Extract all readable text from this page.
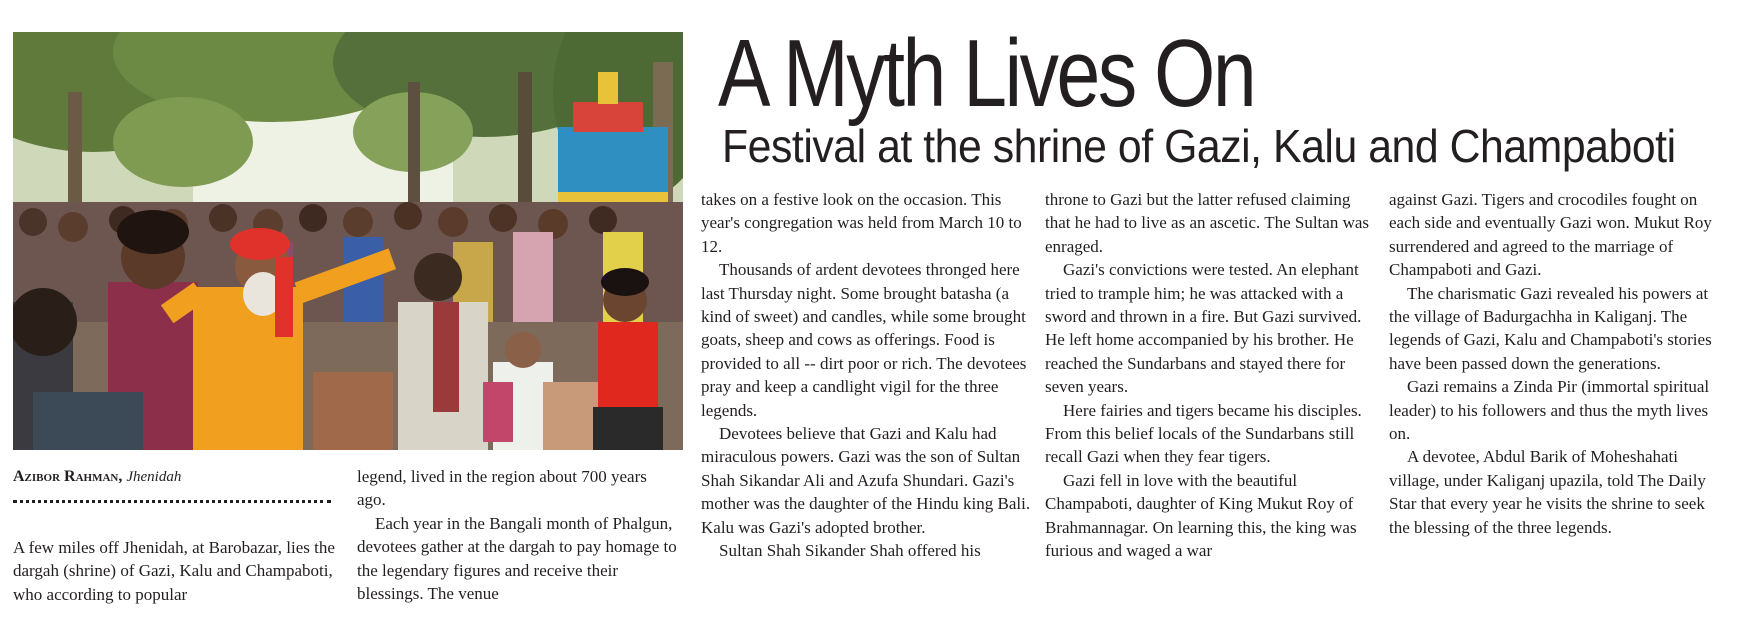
A Myth Lives On
Festival at the shrine of Gazi, Kalu and Champaboti
Azibor Rahman, Jhenidah

A few miles off Jhenidah, at Barobazar, lies the dargah (shrine) of Gazi, Kalu and Champaboti, who according to popular

legend, lived in the region about 700 years ago.

Each year in the Bangali month of Phalgun, devotees gather at the dargah to pay homage to the legendary figures and receive their blessings. The venue

takes on a festive look on the occasion. This year's congregation was held from March 10 to 12.

Thousands of ardent devotees thronged here last Thursday night. Some brought batasha (a kind of sweet) and candles, while some brought goats, sheep and cows as offerings. Food is provided to all -- dirt poor or rich. The devotees pray and keep a candlight vigil for the three legends.

Devotees believe that Gazi and Kalu had miraculous powers. Gazi was the son of Sultan Shah Sikandar Ali and Azufa Shundari. Gazi's mother was the daughter of the Hindu king Bali. Kalu was Gazi's adopted brother.

Sultan Shah Sikander Shah offered his

throne to Gazi but the latter refused claiming that he had to live as an ascetic. The Sultan was enraged.

Gazi's convictions were tested. An elephant tried to trample him; he was attacked with a sword and thrown in a fire. But Gazi survived. He left home accompanied by his brother. He reached the Sundarbans and stayed there for seven years.

Here fairies and tigers became his disciples. From this belief locals of the Sundarbans still recall Gazi when they fear tigers.

Gazi fell in love with the beautiful Champaboti, daughter of King Mukut Roy of Brahmannagar. On learning this, the king was furious and waged a war

against Gazi. Tigers and crocodiles fought on each side and eventually Gazi won. Mukut Roy surrendered and agreed to the marriage of Champaboti and Gazi.

The charismatic Gazi revealed his powers at the village of Badurgachha in Kaliganj. The legends of Gazi, Kalu and Champaboti's stories have been passed down the generations.

Gazi remains a Zinda Pir (immortal spiritual leader) to his followers and thus the myth lives on.

A devotee, Abdul Barik of Moheshahati village, under Kaliganj upazila, told The Daily Star that every year he visits the shrine to seek the blessing of the three legends.
